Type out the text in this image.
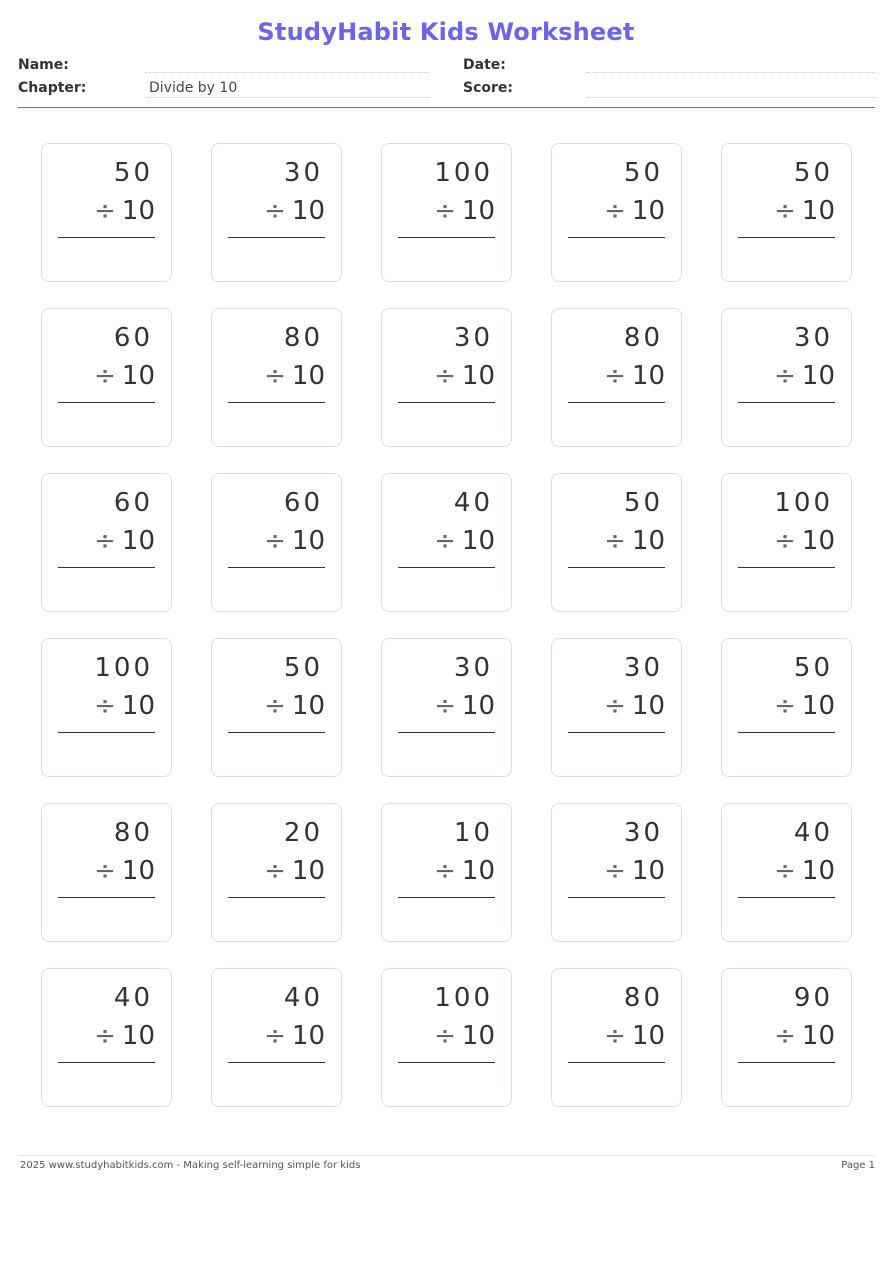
StudyHabit Kids Worksheet
Name:	Date:
Chapter:	Divide by 10	Score:
50
÷ 10
30
÷ 10
100
÷ 10
50
÷ 10
50
÷ 10
60
÷ 10
80
÷ 10
30
÷ 10
80
÷ 10
30
÷ 10
60
÷ 10
60
÷ 10
40
÷ 10
50
÷ 10
100
÷ 10
100
÷ 10
50
÷ 10
30
÷ 10
30
÷ 10
50
÷ 10
80
÷ 10
20
÷ 10
10
÷ 10
30
÷ 10
40
÷ 10
40
÷ 10
40
÷ 10
100
÷ 10
80
÷ 10
90
÷ 10
2025 www.studyhabitkids.com - Making self-learning simple for kids	Page 1
